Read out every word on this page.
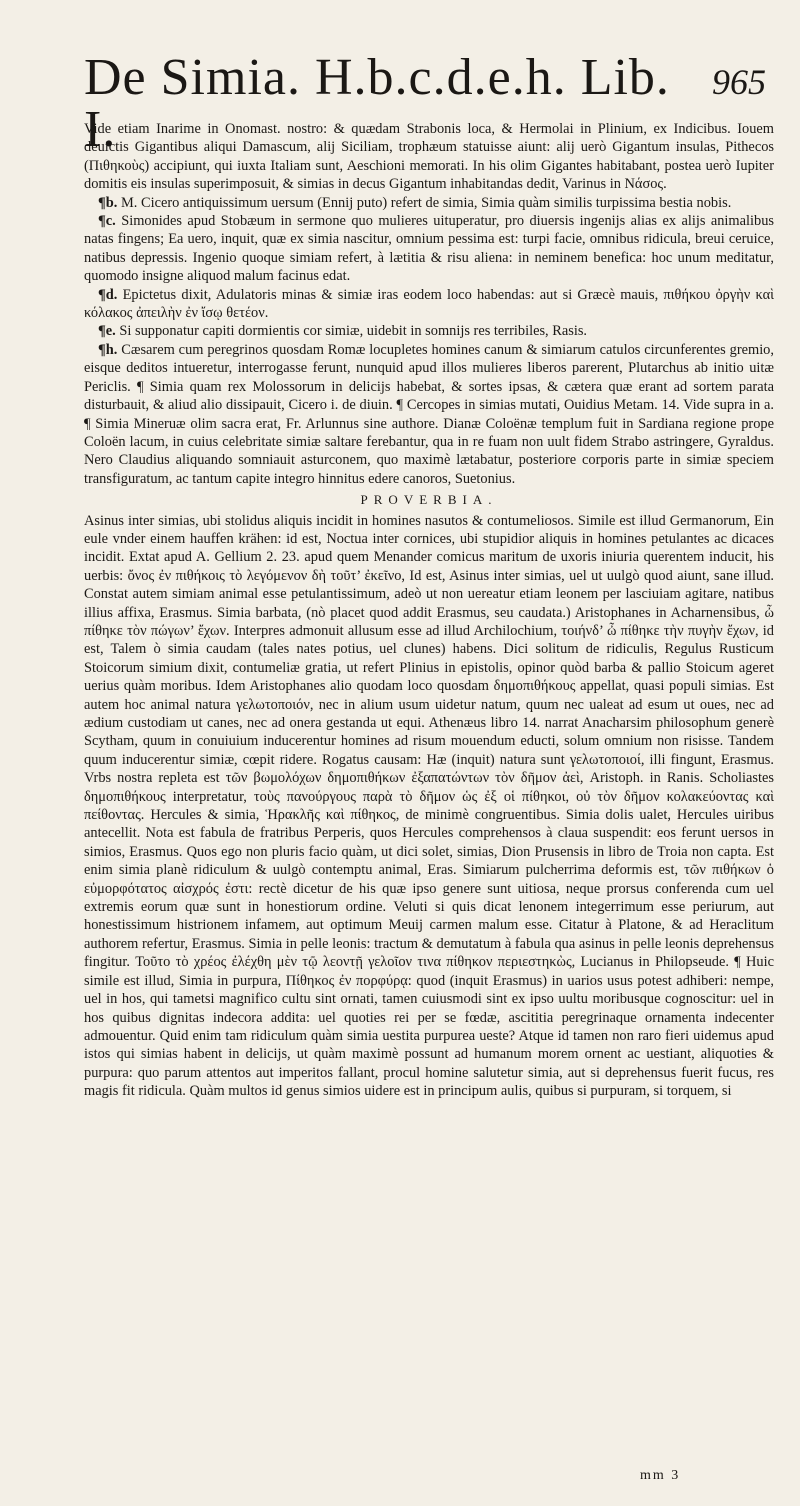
De Simia. H.b.c.d.e.h. Lib. I.
965

Vide etiam Inarime in Onomast. nostro: & quædam Strabonis loca, & Hermolai in Plinium, ex Indicibus. Iouem deuictis Gigantibus aliqui Damascum, alij Siciliam, trophæum statuisse aiunt: alij uerò Gigantum insulas, Pithecos (Πιθηκοὺς) accipiunt, qui iuxta Italiam sunt, Aeschioni memorati. In his olim Gigantes habitabant, postea uerò Iupiter domitis eis insulas superimposuit, & simias in decus Gigantum inhabitandas dedit, Varinus in Νάσος.

¶b. M. Cicero antiquissimum uersum (Ennij puto) refert de simia, Simia quàm similis turpissima bestia nobis.

¶c. Simonides apud Stobæum in sermone quo mulieres uituperatur, pro diuersis ingenijs alias ex alijs animalibus natas fingens; Ea uero, inquit, quæ ex simia nascitur, omnium pessima est: turpi facie, omnibus ridicula, breui ceruice, natibus depressis. Ingenio quoque simiam refert, à lætitia & risu aliena: in neminem benefica: hoc unum meditatur, quomodo insigne aliquod malum facinus edat.

¶d. Epictetus dixit, Adulatoris minas & simiæ iras eodem loco habendas: aut si Græcè mauis, πιθήκου ὀργὴν καὶ κόλακος ἀπειλὴν ἐν ἴσῳ θετέον.

¶e. Si supponatur capiti dormientis cor simiæ, uidebit in somnijs res terribiles, Rasis.

¶h. Cæsarem cum peregrinos quosdam Romæ locupletes homines canum & simiarum catulos circunferentes gremio, eisque deditos intueretur, interrogasse ferunt, nunquid apud illos mulieres liberos parerent, Plutarchus ab initio uitæ Periclis. ¶ Simia quam rex Molossorum in delicijs habebat, & sortes ipsas, & cætera quæ erant ad sortem parata disturbauit, & aliud alio dissipauit, Cicero i. de diuin. ¶ Cercopes in simias mutati, Ouidius Metam. 14. Vide supra in a. ¶ Simia Mineruæ olim sacra erat, Fr. Arlunnus sine authore. Dianæ Coloënæ templum fuit in Sardiana regione prope Coloën lacum, in cuius celebritate simiæ saltare ferebantur, qua in re fuam non uult fidem Strabo astringere, Gyraldus. Nero Claudius aliquando somniauit asturconem, quo maximè lætabatur, posteriore corporis parte in simiæ speciem transfiguratum, ac tantum capite integro hinnitus edere canoros, Suetonius.

PROVERBIA.

Asinus inter simias, ubi stolidus aliquis incidit in homines nasutos & contumeliosos. Simile est illud Germanorum, Ein eule vnder einem hauffen krähen: id est, Noctua inter cornices, ubi stupidior aliquis in homines petulantes ac dicaces incidit. Extat apud A. Gellium 2. 23. apud quem Menander comicus maritum de uxoris iniuria querentem inducit, his uerbis: ὄνος ἐν πιθήκοις τὸ λεγόμενον δὴ τοῦτ’ ἐκεῖνο, Id est, Asinus inter simias, uel ut uulgò quod aiunt, sane illud. Constat autem simiam animal esse petulantissimum, adeò ut non uereatur etiam leonem per lasciuiam agitare, natibus illius affixa, Erasmus. Simia barbata, (nò placet quod addit Erasmus, seu caudata.) Aristophanes in Acharnensibus, ὦ πίθηκε τὸν πώγων’ ἔχων. Interpres admonuit allusum esse ad illud Archilochium, τοιήνδ’ ὦ πίθηκε τὴν πυγὴν ἔχων, id est, Talem ò simia caudam (tales nates potius, uel clunes) habens. Dici solitum de ridiculis, Regulus Rusticum Stoicorum simium dixit, contumeliæ gratia, ut refert Plinius in epistolis, opinor quòd barba & pallio Stoicum ageret uerius quàm moribus. Idem Aristophanes alio quodam loco quosdam δημοπιθήκους appellat, quasi populi simias. Est autem hoc animal natura γελωτοποιόν, nec in alium usum uidetur natum, quum nec ualeat ad esum ut oues, nec ad ædium custodiam ut canes, nec ad onera gestanda ut equi. Athenæus libro 14. narrat Anacharsim philosophum generè Scytham, quum in conuiuium inducerentur homines ad risum mouendum educti, solum omnium non risisse. Tandem quum inducerentur simiæ, cœpit ridere. Rogatus causam: Hæ (inquit) natura sunt γελωτοποιοί, illi fingunt, Erasmus. Vrbs nostra repleta est τῶν βωμολόχων δημοπιθήκων ἐξαπατώντων τὸν δῆμον ἀεὶ, Aristoph. in Ranis. Scholiastes δημοπιθήκους interpretatur, τοὺς πανούργους παρὰ τὸ δῆμον ὡς ἐξ οἱ πίθηκοι, οὐ τὸν δῆμον κολακεύοντας καὶ πείθοντας. Hercules & simia, Ἡρακλῆς καὶ πίθηκος, de minimè congruentibus. Simia dolis ualet, Hercules uiribus antecellit. Nota est fabula de fratribus Perperis, quos Hercules comprehensos à claua suspendit: eos ferunt uersos in simios, Erasmus. Quos ego non pluris facio quàm, ut dici solet, simias, Dion Prusensis in libro de Troia non capta. Est enim simia planè ridiculum & uulgò contemptu animal, Eras. Simiarum pulcherrima deformis est, τῶν πιθήκων ὁ εὐμορφότατος αἰσχρός ἐστι: rectè dicetur de his quæ ipso genere sunt uitiosa, neque prorsus conferenda cum uel extremis eorum quæ sunt in honestiorum ordine. Veluti si quis dicat lenonem integerrimum esse periurum, aut honestissimum histrionem infamem, aut optimum Meuij carmen malum esse. Citatur à Platone, & ad Heraclitum authorem refertur, Erasmus. Simia in pelle leonis: tractum & demutatum à fabula qua asinus in pelle leonis deprehensus fingitur. Τοῦτο τὸ χρέος ἐλέχθη μὲν τῷ λεοντῇ γελοῖον τινα πίθηκον περιεστηκὼς, Lucianus in Philopseude. ¶ Huic simile est illud, Simia in purpura, Πίθηκος ἐν πορφύρᾳ: quod (inquit Erasmus) in uarios usus potest adhiberi: nempe, uel in hos, qui tametsi magnifico cultu sint ornati, tamen cuiusmodi sint ex ipso uultu moribusque cognoscitur: uel in hos quibus dignitas indecora addita: uel quoties rei per se fœdæ, ascititia peregrinaque ornamenta indecenter admouentur. Quid enim tam ridiculum quàm simia uestita purpurea ueste? Atque id tamen non raro fieri uidemus apud istos qui simias habent in delicijs, ut quàm maximè possunt ad humanum morem ornent ac uestiant, aliquoties & purpura: quo parum attentos aut imperitos fallant, procul homine salutetur simia, aut si deprehensus fuerit fucus, res magis fit ridicula. Quàm multos id genus simios uidere est in principum aulis, quibus si purpuram, si torquem, si

mm 3
